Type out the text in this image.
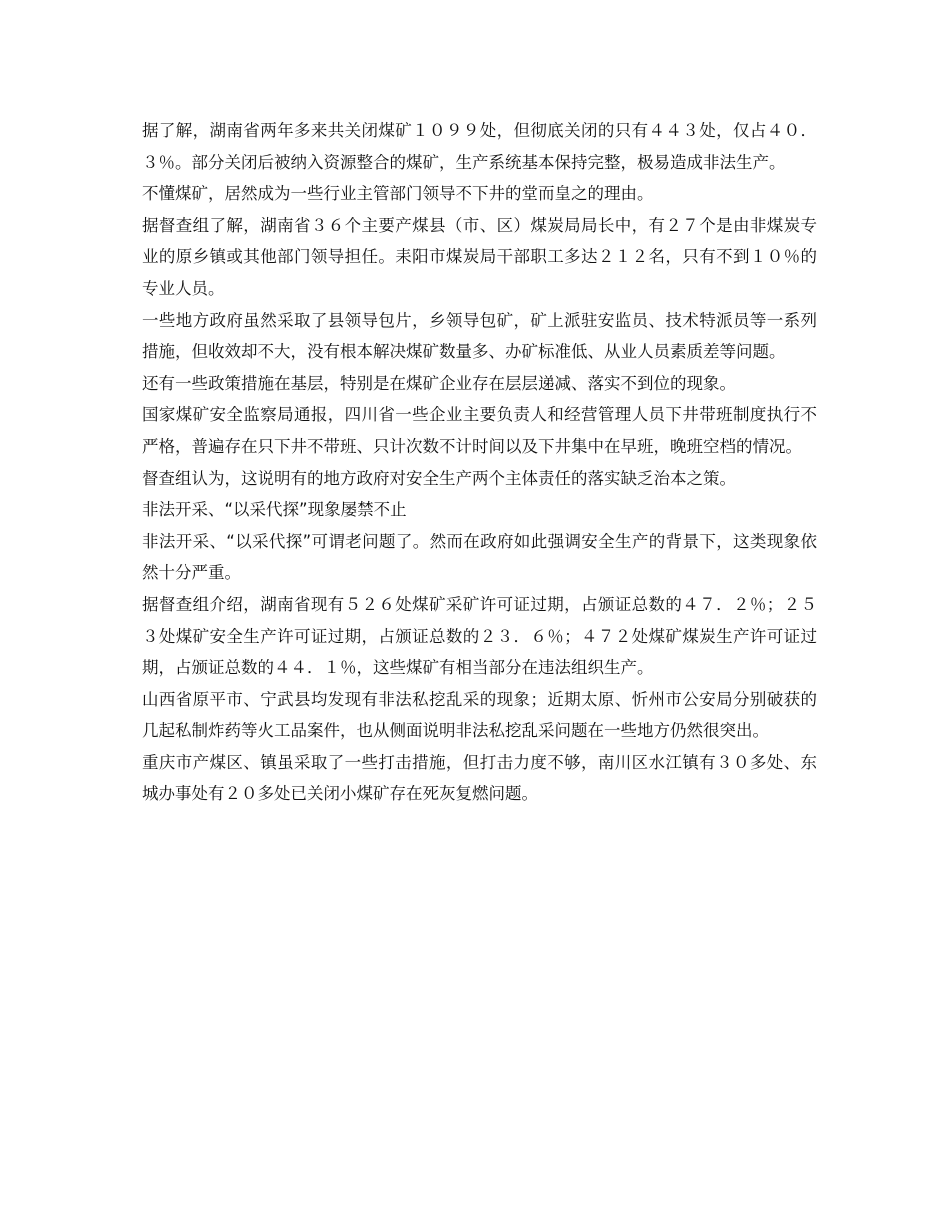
据了解，湖南省两年多来共关闭煤矿１０９９处，但彻底关闭的只有４４３处，仅占４０．３％。部分关闭后被纳入资源整合的煤矿，生产系统基本保持完整，极易造成非法生产。

不懂煤矿，居然成为一些行业主管部门领导不下井的堂而皇之的理由。

据督查组了解，湖南省３６个主要产煤县（市、区）煤炭局局长中，有２７个是由非煤炭专业的原乡镇或其他部门领导担任。耒阳市煤炭局干部职工多达２１２名，只有不到１０％的专业人员。

一些地方政府虽然采取了县领导包片，乡领导包矿，矿上派驻安监员、技术特派员等一系列措施，但收效却不大，没有根本解决煤矿数量多、办矿标准低、从业人员素质差等问题。

还有一些政策措施在基层，特别是在煤矿企业存在层层递减、落实不到位的现象。

国家煤矿安全监察局通报，四川省一些企业主要负责人和经营管理人员下井带班制度执行不严格，普遍存在只下井不带班、只计次数不计时间以及下井集中在早班，晚班空档的情况。

督查组认为，这说明有的地方政府对安全生产两个主体责任的落实缺乏治本之策。

非法开采、“以采代探”现象屡禁不止

非法开采、“以采代探”可谓老问题了。然而在政府如此强调安全生产的背景下，这类现象依然十分严重。

据督查组介绍，湖南省现有５２６处煤矿采矿许可证过期，占颁证总数的４７．２％；２５３处煤矿安全生产许可证过期，占颁证总数的２３．６％；４７２处煤矿煤炭生产许可证过期，占颁证总数的４４．１％，这些煤矿有相当部分在违法组织生产。

山西省原平市、宁武县均发现有非法私挖乱采的现象；近期太原、忻州市公安局分别破获的几起私制炸药等火工品案件，也从侧面说明非法私挖乱采问题在一些地方仍然很突出。

重庆市产煤区、镇虽采取了一些打击措施，但打击力度不够，南川区水江镇有３０多处、东城办事处有２０多处已关闭小煤矿存在死灰复燃问题。
